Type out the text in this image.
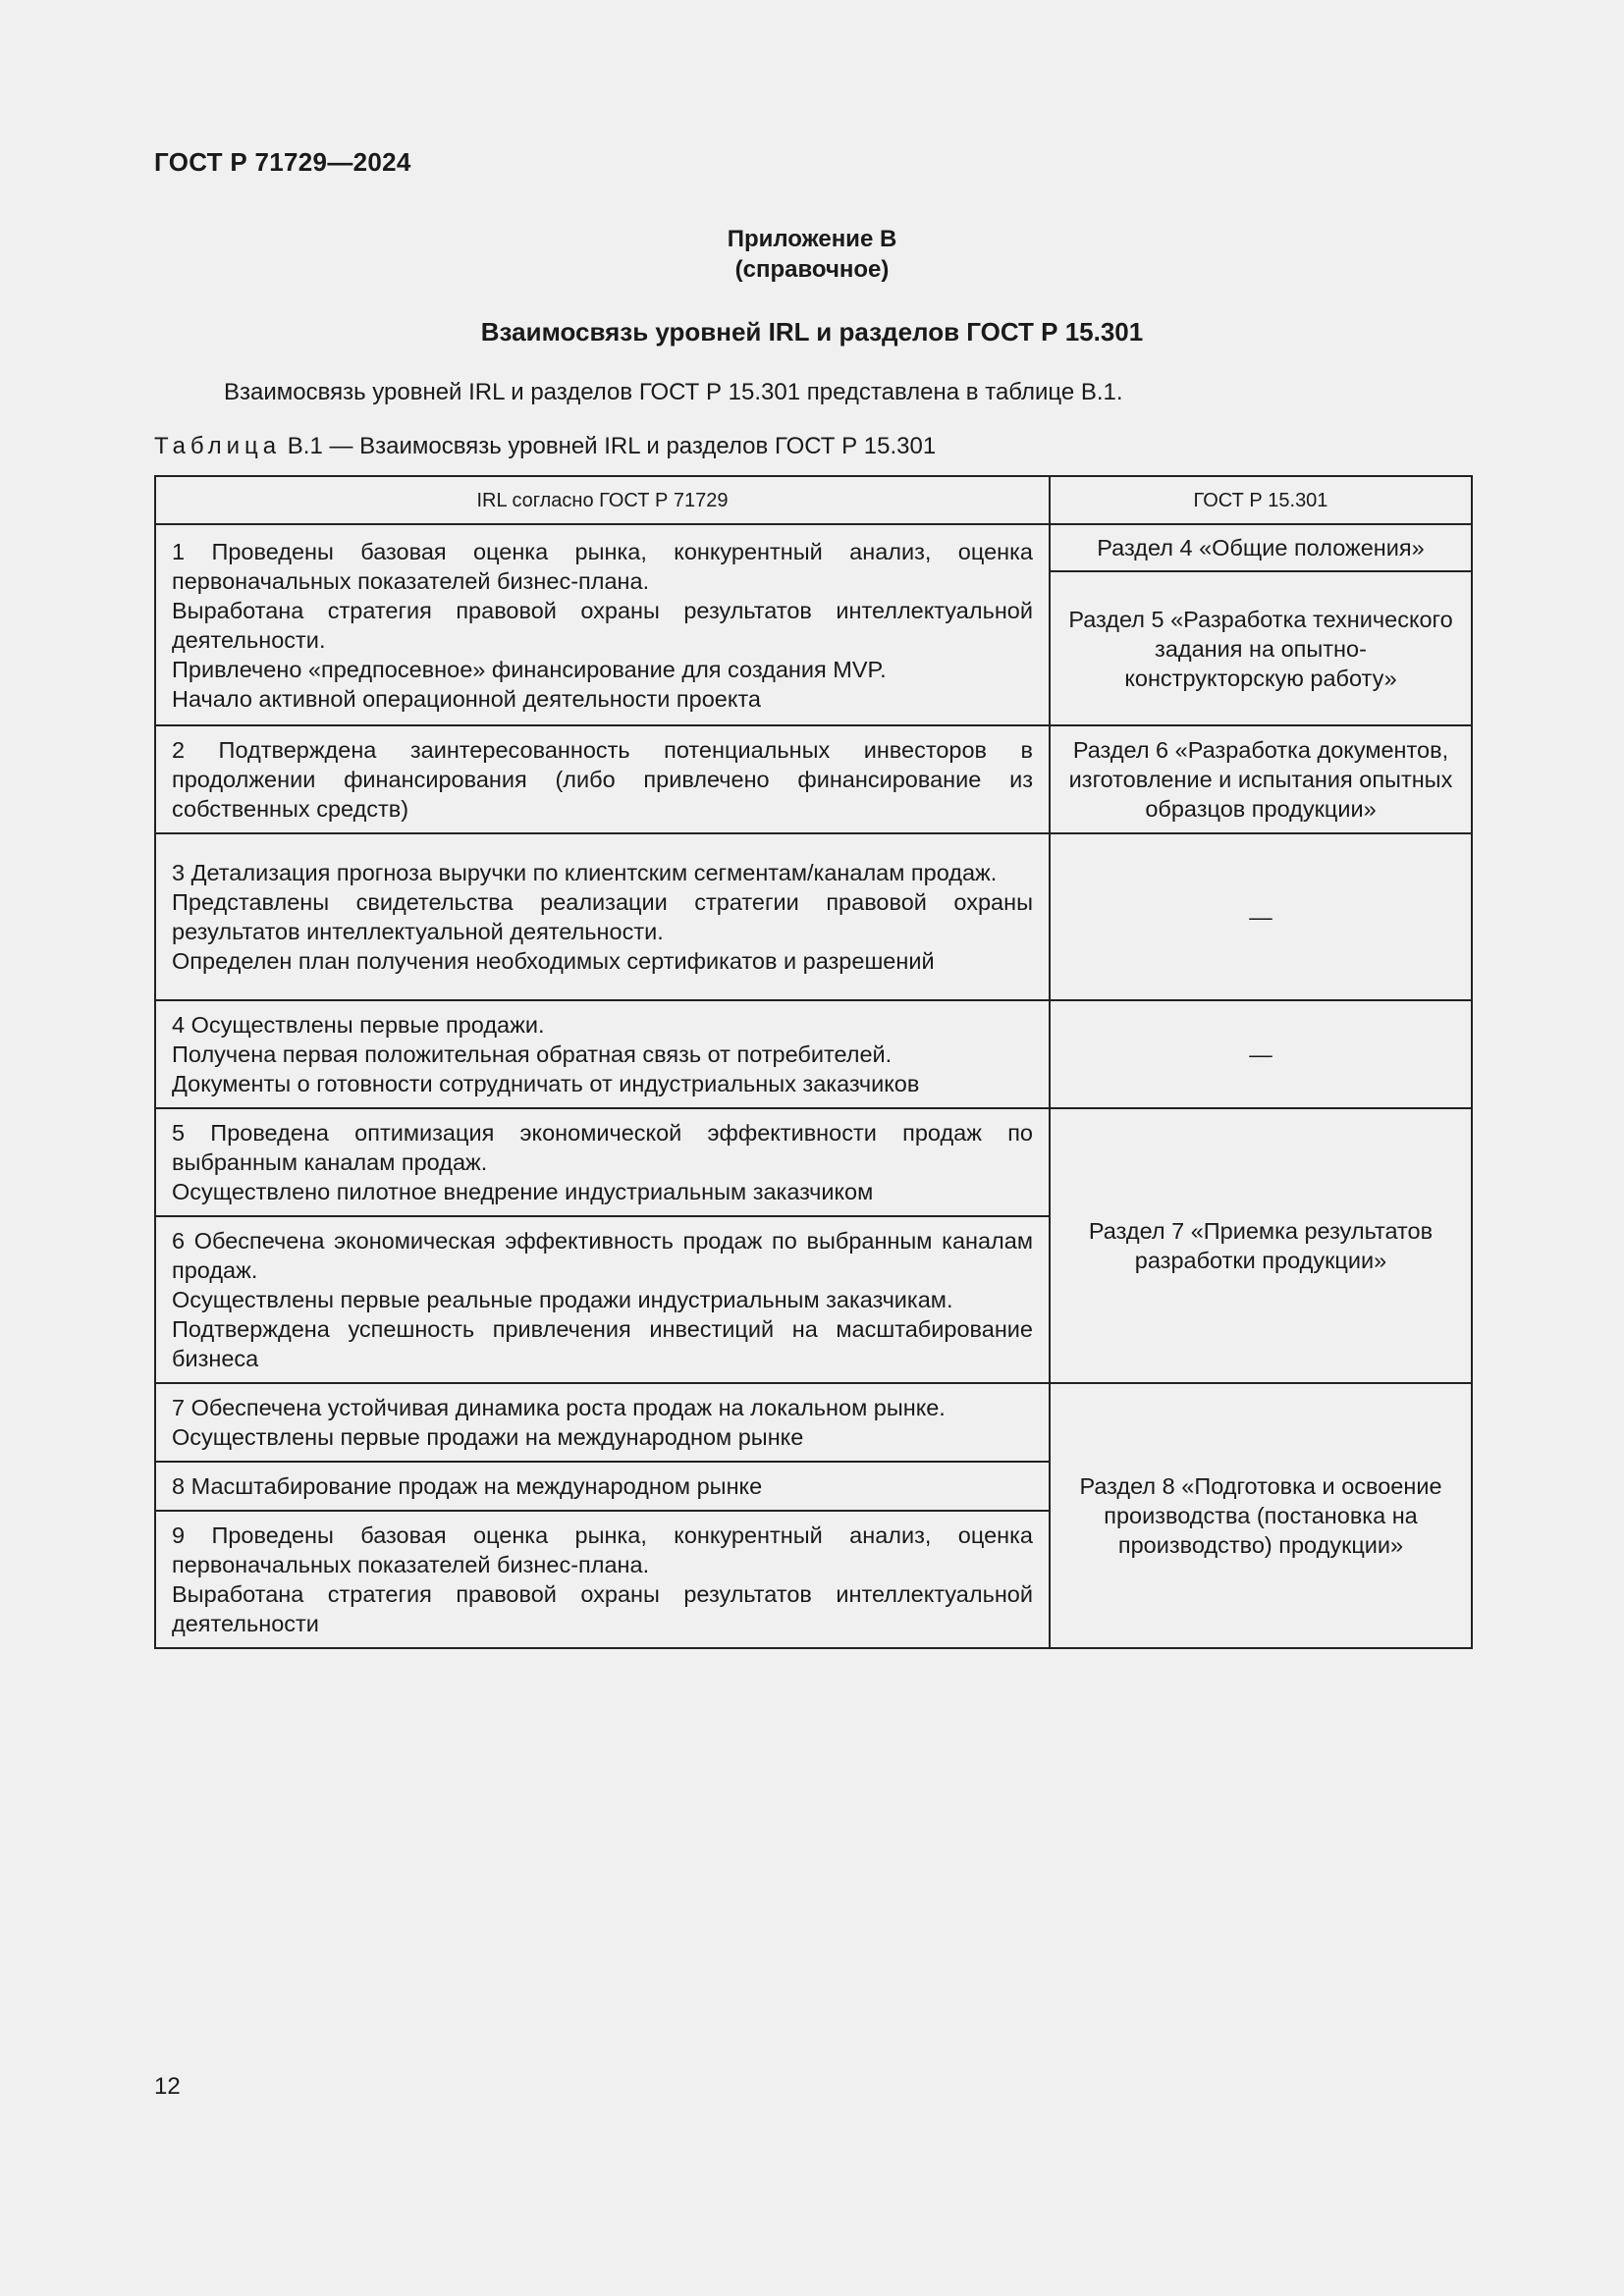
ГОСТ Р 71729—2024
Приложение В
(справочное)
Взаимосвязь уровней IRL и разделов ГОСТ Р 15.301
Взаимосвязь уровней IRL и разделов ГОСТ Р 15.301 представлена в таблице В.1.
Таблица В.1 — Взаимосвязь уровней IRL и разделов ГОСТ Р 15.301
IRL согласно ГОСТ Р 71729	ГОСТ Р 15.301

1 Проведены базовая оценка рынка, конкурентный анализ, оценка первоначальных показателей бизнес-плана.
Выработана стратегия правовой охраны результатов интеллектуальной деятельности.
Привлечено «предпосевное» финансирование для создания MVP.
Начало активной операционной деятельности проекта	Раздел 4 «Общие положения»
	Раздел 5 «Разработка технического задания на опытно-конструкторскую работу»

2 Подтверждена заинтересованность потенциальных инвесторов в продолжении финансирования (либо привлечено финансирование из собственных средств)	Раздел 6 «Разработка документов, изготовление и испытания опытных образцов продукции»

3 Детализация прогноза выручки по клиентским сегментам/каналам продаж.
Представлены свидетельства реализации стратегии правовой охраны результатов интеллектуальной деятельности.
Определен план получения необходимых сертификатов и разрешений	—

4 Осуществлены первые продажи.
Получена первая положительная обратная связь от потребителей.
Документы о готовности сотрудничать от индустриальных заказчиков	—

5 Проведена оптимизация экономической эффективности продаж по выбранным каналам продаж.
Осуществлено пилотное внедрение индустриальным заказчиком	Раздел 7 «Приемка результатов разработки продукции»

6 Обеспечена экономическая эффективность продаж по выбранным каналам продаж.
Осуществлены первые реальные продажи индустриальным заказчикам.
Подтверждена успешность привлечения инвестиций на масштабирование бизнеса	

7 Обеспечена устойчивая динамика роста продаж на локальном рынке.
Осуществлены первые продажи на международном рынке	Раздел 8 «Подготовка и освоение производства (постановка на производство) продукции»

8 Масштабирование продаж на международном рынке	

9 Проведены базовая оценка рынка, конкурентный анализ, оценка первоначальных показателей бизнес-плана.
Выработана стратегия правовой охраны результатов интеллектуальной деятельности	
12
